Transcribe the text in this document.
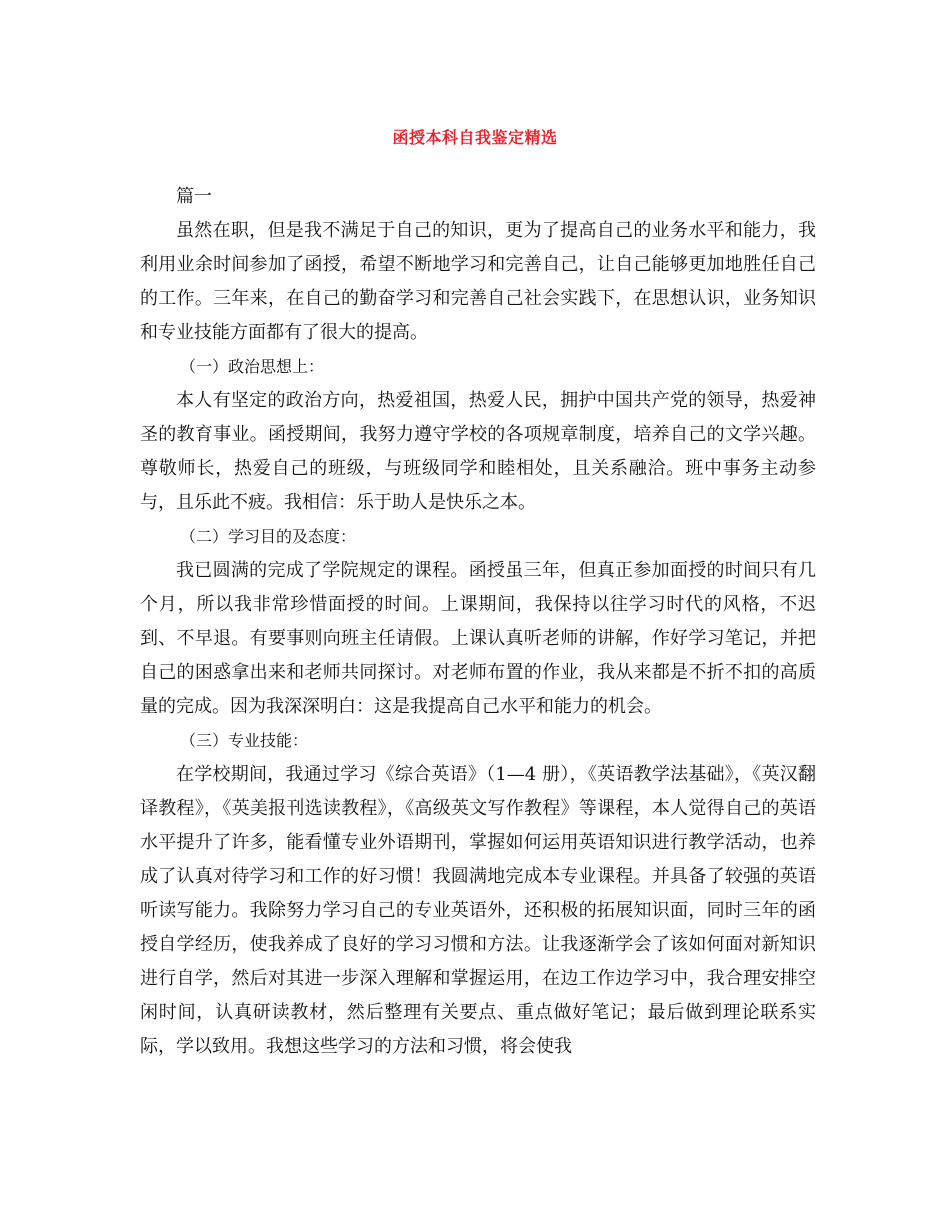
函授本科自我鉴定精选

篇一

虽然在职，但是我不满足于自己的知识，更为了提高自己的业务水平和能力，我利用业余时间参加了函授，希望不断地学习和完善自己，让自己能够更加地胜任自己的工作。三年来，在自己的勤奋学习和完善自己社会实践下，在思想认识，业务知识和专业技能方面都有了很大的提高。

（一）政治思想上：

本人有坚定的政治方向，热爱祖国，热爱人民，拥护中国共产党的领导，热爱神圣的教育事业。函授期间，我努力遵守学校的各项规章制度，培养自己的文学兴趣。尊敬师长，热爱自己的班级，与班级同学和睦相处，且关系融洽。班中事务主动参与，且乐此不疲。我相信：乐于助人是快乐之本。

（二）学习目的及态度：

我已圆满的完成了学院规定的课程。函授虽三年，但真正参加面授的时间只有几个月，所以我非常珍惜面授的时间。上课期间，我保持以往学习时代的风格，不迟到、不早退。有要事则向班主任请假。上课认真听老师的讲解，作好学习笔记，并把自己的困惑拿出来和老师共同探讨。对老师布置的作业，我从来都是不折不扣的高质量的完成。因为我深深明白：这是我提高自己水平和能力的机会。

（三）专业技能：

在学校期间，我通过学习《综合英语》（1—4 册），《英语教学法基础》，《英汉翻译教程》，《英美报刊选读教程》，《高级英文写作教程》等课程，本人觉得自己的英语水平提升了许多，能看懂专业外语期刊，掌握如何运用英语知识进行教学活动，也养成了认真对待学习和工作的好习惯！我圆满地完成本专业课程。并具备了较强的英语听读写能力。我除努力学习自己的专业英语外，还积极的拓展知识面，同时三年的函授自学经历，使我养成了良好的学习习惯和方法。让我逐渐学会了该如何面对新知识进行自学，然后对其进一步深入理解和掌握运用，在边工作边学习中，我合理安排空闲时间，认真研读教材，然后整理有关要点、重点做好笔记；最后做到理论联系实际，学以致用。我想这些学习的方法和习惯，将会使我
